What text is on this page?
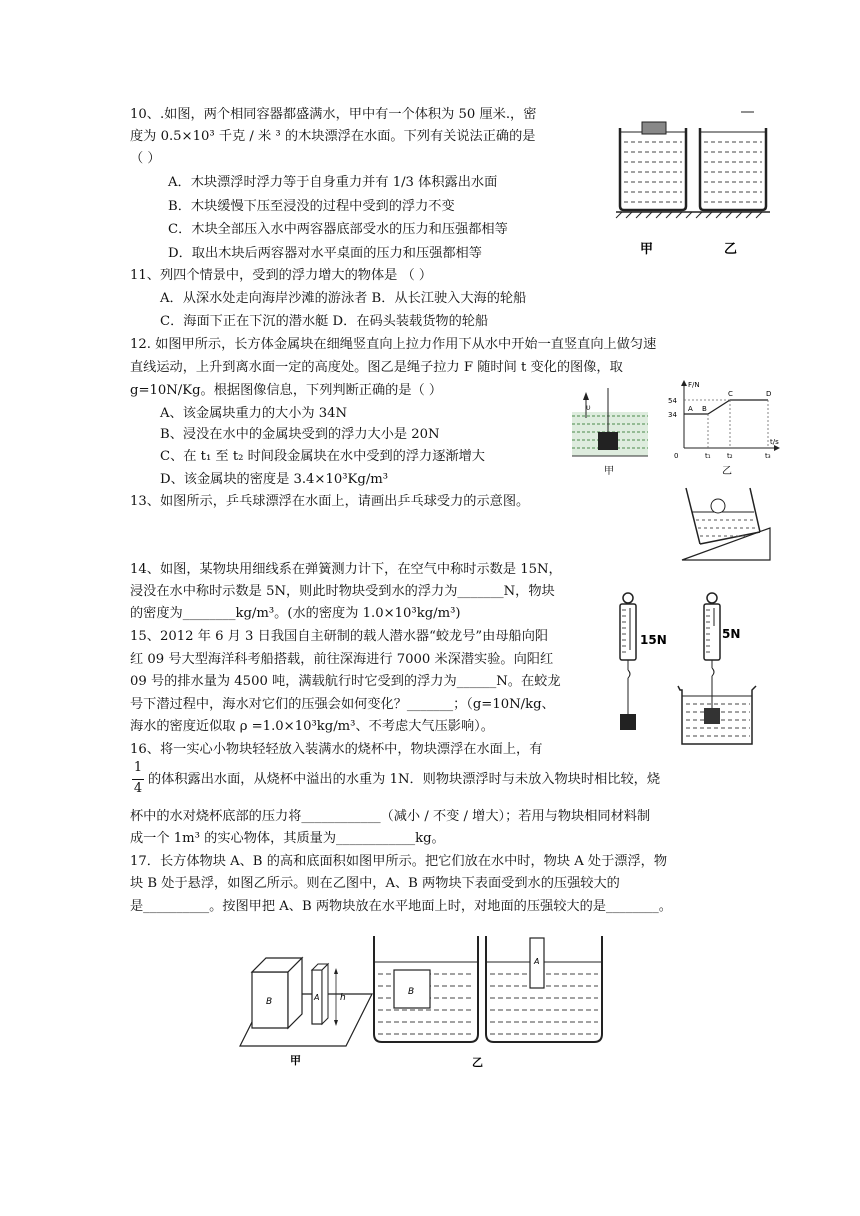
10、.如图，两个相同容器都盛满水，甲中有一个体积为 50 厘米.，密
度为 0.5×10³ 千克 / 米 ³ 的木块漂浮在水面。下列有关说法正确的是
（ ）
A．木块漂浮时浮力等于自身重力并有 1/3 体积露出水面
B．木块缓慢下压至浸没的过程中受到的浮力不变
C．木块全部压入水中两容器底部受水的压力和压强都相等
D．取出木块后两容器对水平桌面的压力和压强都相等	甲	乙
11、列四个情景中，受到的浮力增大的物体是 （ ）
A．从深水处走向海岸沙滩的游泳者 B．从长江驶入大海的轮船
C．海面下正在下沉的潜水艇 D．在码头装载货物的轮船
12. 如图甲所示，长方体金属块在细绳竖直向上拉力作用下从水中开始一直竖直向上做匀速
直线运动，上升到离水面一定的高度处。图乙是绳子拉力 F 随时间 t 变化的图像，取
g=10N/Kg。根据图像信息，下列判断正确的是（ ）
A、该金属块重力的大小为 34N
B、浸没在水中的金属块受到的浮力大小是 20N
C、在 t₁ 至 t₂ 时间段金属块在水中受到的浮力逐渐增大
D、该金属块的密度是 3.4×10³Kg/m³
υ
甲
F/N
t/s
54
34
0
A B
C	D
t₁ t₂	t₃
乙
13、如图所示，乒乓球漂浮在水面上，请画出乒乓球受力的示意图。
14、如图，某物块用细线系在弹簧测力计下，在空气中称时示数是 15N，
浸没在水中称时示数是 5N，则此时物块受到水的浮力为_______N，物块
的密度为________kg/m³。(水的密度为 1.0×10³kg/m³)
15N	5N
15、2012 年 6 月 3 日我国自主研制的载人潜水器“蛟龙号”由母船向阳
红 09 号大型海洋科考船搭载，前往深海进行 7000 米深潜实验。向阳红
09 号的排水量为 4500 吨，满载航行时它受到的浮力为______N。在蛟龙
号下潜过程中，海水对它们的压强会如何变化？_______；（g=10N/kg、
海水的密度近似取 ρ =1.0×10³kg/m³、不考虑大气压影响）。
16、将一实心小物块轻轻放入装满水的烧杯中，物块漂浮在水面上，有
1
4
的体积露出水面，从烧杯中溢出的水重为 1N．则物块漂浮时与未放入物块时相比较，烧
杯中的水对烧杯底部的压力将____________（减小 / 不变 / 增大）；若用与物块相同材料制
成一个 1m³ 的实心物体，其质量为____________kg。
17．长方体物块 A、B 的高和底面积如图甲所示。把它们放在水中时，物块 A 处于漂浮，物
块 B 处于悬浮，如图乙所示。则在乙图中，A、B 两物块下表面受到水的压强较大的
是__________。按图甲把 A、B 两物块放在水平地面上时，对地面的压强较大的是________。
B	A h
甲
B
A
乙
